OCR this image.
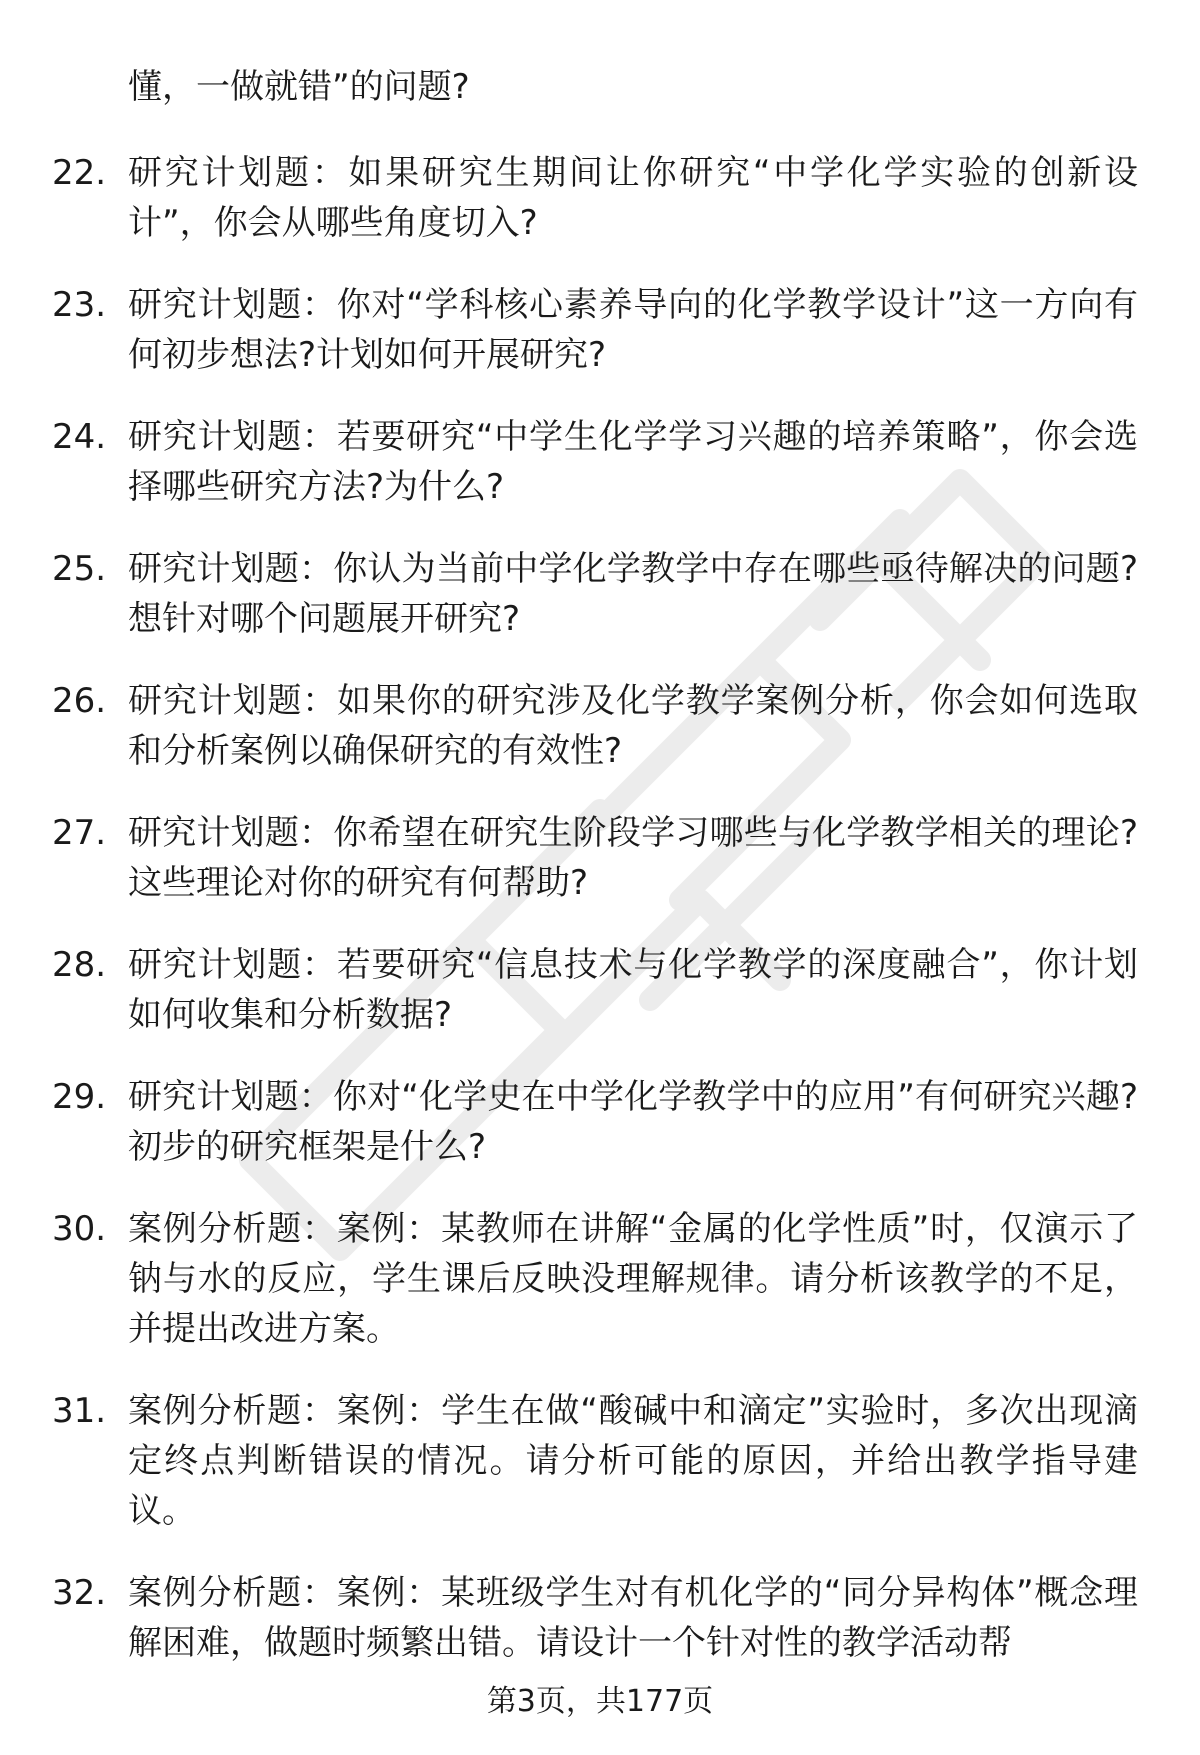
懂，一做就错”的问题?
22. 研究计划题：如果研究生期间让你研究“中学化学实验的创新设计”，你会从哪些角度切入?
23. 研究计划题：你对“学科核心素养导向的化学教学设计”这一方向有何初步想法?计划如何开展研究?
24. 研究计划题：若要研究“中学生化学学习兴趣的培养策略”，你会选择哪些研究方法?为什么?
25. 研究计划题：你认为当前中学化学教学中存在哪些亟待解决的问题?想针对哪个问题展开研究?
26. 研究计划题：如果你的研究涉及化学教学案例分析，你会如何选取和分析案例以确保研究的有效性?
27. 研究计划题：你希望在研究生阶段学习哪些与化学教学相关的理论?这些理论对你的研究有何帮助?
28. 研究计划题：若要研究“信息技术与化学教学的深度融合”，你计划如何收集和分析数据?
29. 研究计划题：你对“化学史在中学化学教学中的应用”有何研究兴趣?初步的研究框架是什么?
30. 案例分析题：案例：某教师在讲解“金属的化学性质”时，仅演示了钠与水的反应，学生课后反映没理解规律。请分析该教学的不足，并提出改进方案。
31. 案例分析题：案例：学生在做“酸碱中和滴定”实验时，多次出现滴定终点判断错误的情况。请分析可能的原因，并给出教学指导建议。
32. 案例分析题：案例：某班级学生对有机化学的“同分异构体”概念理解困难，做题时频繁出错。请设计一个针对性的教学活动帮
第3页，共177页
